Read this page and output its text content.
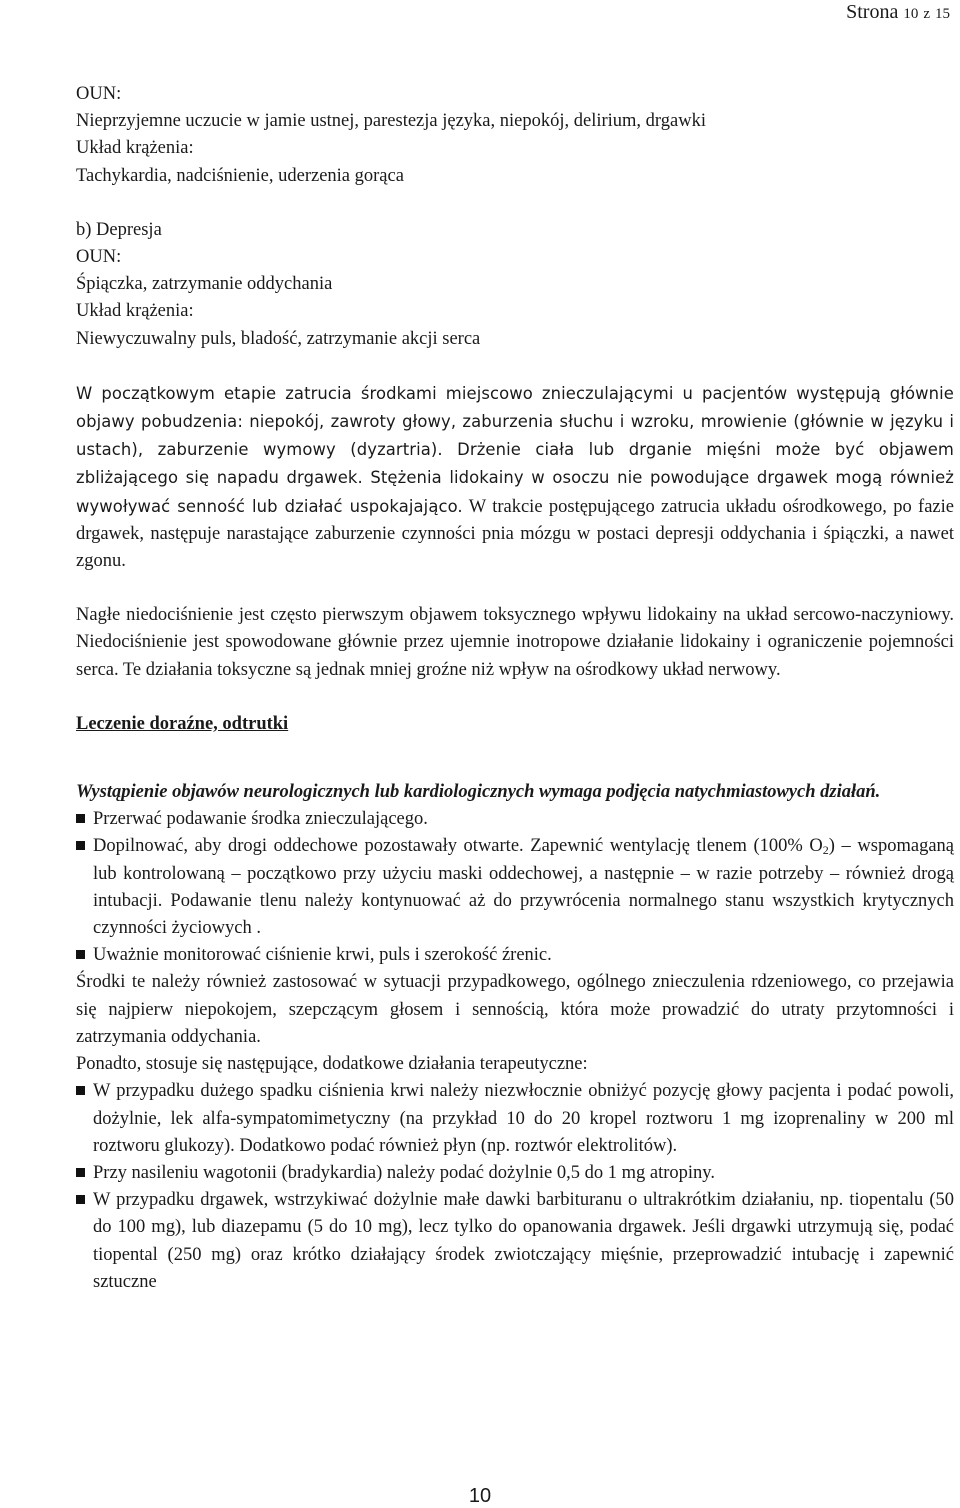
Strona 10 z 15
OUN:
Nieprzyjemne uczucie w jamie ustnej, parestezja języka, niepokój, delirium, drgawki
Układ krążenia:
Tachykardia, nadciśnienie, uderzenia gorąca
b) Depresja
OUN:
Śpiączka, zatrzymanie oddychania
Układ krążenia:
Niewyczuwalny puls, bladość, zatrzymanie akcji serca

W początkowym etapie zatrucia środkami miejscowo znieczulającymi u pacjentów występują głównie objawy pobudzenia: niepokój, zawroty głowy, zaburzenia słuchu i wzroku, mrowienie (głównie w języku i ustach), zaburzenie wymowy (dyzartria). Drżenie ciała lub drganie mięśni może być objawem zbliżającego się napadu drgawek. Stężenia lidokainy w osoczu nie powodujące drgawek mogą również wywoływać senność lub działać uspokajająco. W trakcie postępującego zatrucia układu ośrodkowego, po fazie drgawek, następuje narastające zaburzenie czynności pnia mózgu w postaci depresji oddychania i śpiączki, a nawet zgonu.

Nagłe niedociśnienie jest często pierwszym objawem toksycznego wpływu lidokainy na układ sercowo-naczyniowy. Niedociśnienie jest spowodowane głównie przez ujemnie inotropowe działanie lidokainy i ograniczenie pojemności serca. Te działania toksyczne są jednak mniej groźne niż wpływ na ośrodkowy układ nerwowy.

Leczenie doraźne, odtrutki

Wystąpienie objawów neurologicznych lub kardiologicznych wymaga podjęcia natychmiastowych działań.

Przerwać podawanie środka znieczulającego.
Dopilnować, aby drogi oddechowe pozostawały otwarte. Zapewnić wentylację tlenem (100% $O_2$) – wspomaganą lub kontrolowaną – początkowo przy użyciu maski oddechowej, a następnie – w razie potrzeby – również drogą intubacji. Podawanie tlenu należy kontynuować aż do przywrócenia normalnego stanu wszystkich krytycznych czynności życiowych .
Uważnie monitorować ciśnienie krwi, puls i szerokość źrenic.

Środki te należy również zastosować w sytuacji przypadkowego, ogólnego znieczulenia rdzeniowego, co przejawia się najpierw niepokojem, szepczącym głosem i sennością, która może prowadzić do utraty przytomności i zatrzymania oddychania.

Ponadto, stosuje się następujące, dodatkowe działania terapeutyczne:

W przypadku dużego spadku ciśnienia krwi należy niezwłocznie obniżyć pozycję głowy pacjenta i podać powoli, dożylnie, lek alfa-sympatomimetyczny (na przykład 10 do 20 kropel roztworu 1 mg izoprenaliny w 200 ml roztworu glukozy). Dodatkowo podać również płyn (np. roztwór elektrolitów).
Przy nasileniu wagotonii (bradykardia) należy podać dożylnie 0,5 do 1 mg atropiny.
W przypadku drgawek, wstrzykiwać dożylnie małe dawki barbituranu o ultrakrótkim działaniu, np. tiopentalu (50 do 100 mg), lub diazepamu (5 do 10 mg), lecz tylko do opanowania drgawek. Jeśli drgawki utrzymują się, podać tiopental (250 mg) oraz krótko działający środek zwiotczający mięśnie, przeprowadzić intubację i zapewnić sztuczne
10
